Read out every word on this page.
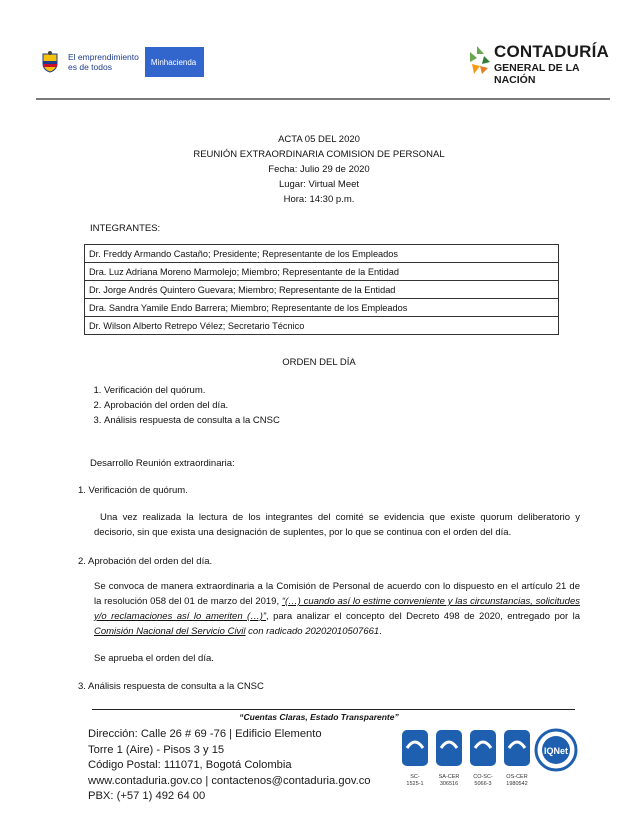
El emprendimiento
es de todos	Minhacienda
CONTADURÍA
GENERAL DE LA NACIÓN
ACTA 05 DEL 2020
REUNIÓN EXTRAORDINARIA COMISION DE PERSONAL
Fecha: Julio 29 de 2020
Lugar: Virtual Meet
Hora: 14:30 p.m.
INTEGRANTES:
Dr. Freddy Armando Castaño; Presidente; Representante de los Empleados
Dra. Luz Adriana Moreno Marmolejo; Miembro; Representante de la Entidad
Dr. Jorge Andrés Quintero Guevara; Miembro; Representante de la Entidad
Dra. Sandra Yamile Endo Barrera; Miembro; Representante de los Empleados
Dr. Wilson Alberto Retrepo Vélez; Secretario Técnico
ORDEN DEL DÍA
1. Verificación del quórum.
2. Aprobación del orden del día.
3. Análisis respuesta de consulta a la CNSC
Desarrollo Reunión extraordinaria:
1. Verificación de quórum.
Una vez realizada la lectura de los integrantes del comité se evidencia que existe quorum deliberatorio y decisorio, sin que exista una designación de suplentes, por lo que se continua con el orden del día.
2. Aprobación del orden del día.
Se convoca de manera extraordinaria a la Comisión de Personal de acuerdo con lo dispuesto en el artículo 21 de la resolución 058 del 01 de marzo del 2019, “(…) cuando así lo estime conveniente y las circunstancias, solicitudes y/o reclamaciones así lo ameriten (…)”, para analizar el concepto del Decreto 498 de 2020, entregado por la Comisión Nacional del Servicio Civil con radicado 20202010507661.
Se aprueba el orden del día.
3. Análisis respuesta de consulta a la CNSC
“Cuentas Claras, Estado Transparente”
Dirección: Calle 26 # 69 -76 | Edificio Elemento
Torre 1 (Aire) - Pisos 3 y 15
Código Postal: 111071, Bogotá Colombia
www.contaduria.gov.co | contactenos@contaduria.gov.co
PBX: (+57 1) 492 64 00
IQNet
SC-
1525-1
SA-CER
306516
CO-SC-
5066-3
OS-CER
1980542
